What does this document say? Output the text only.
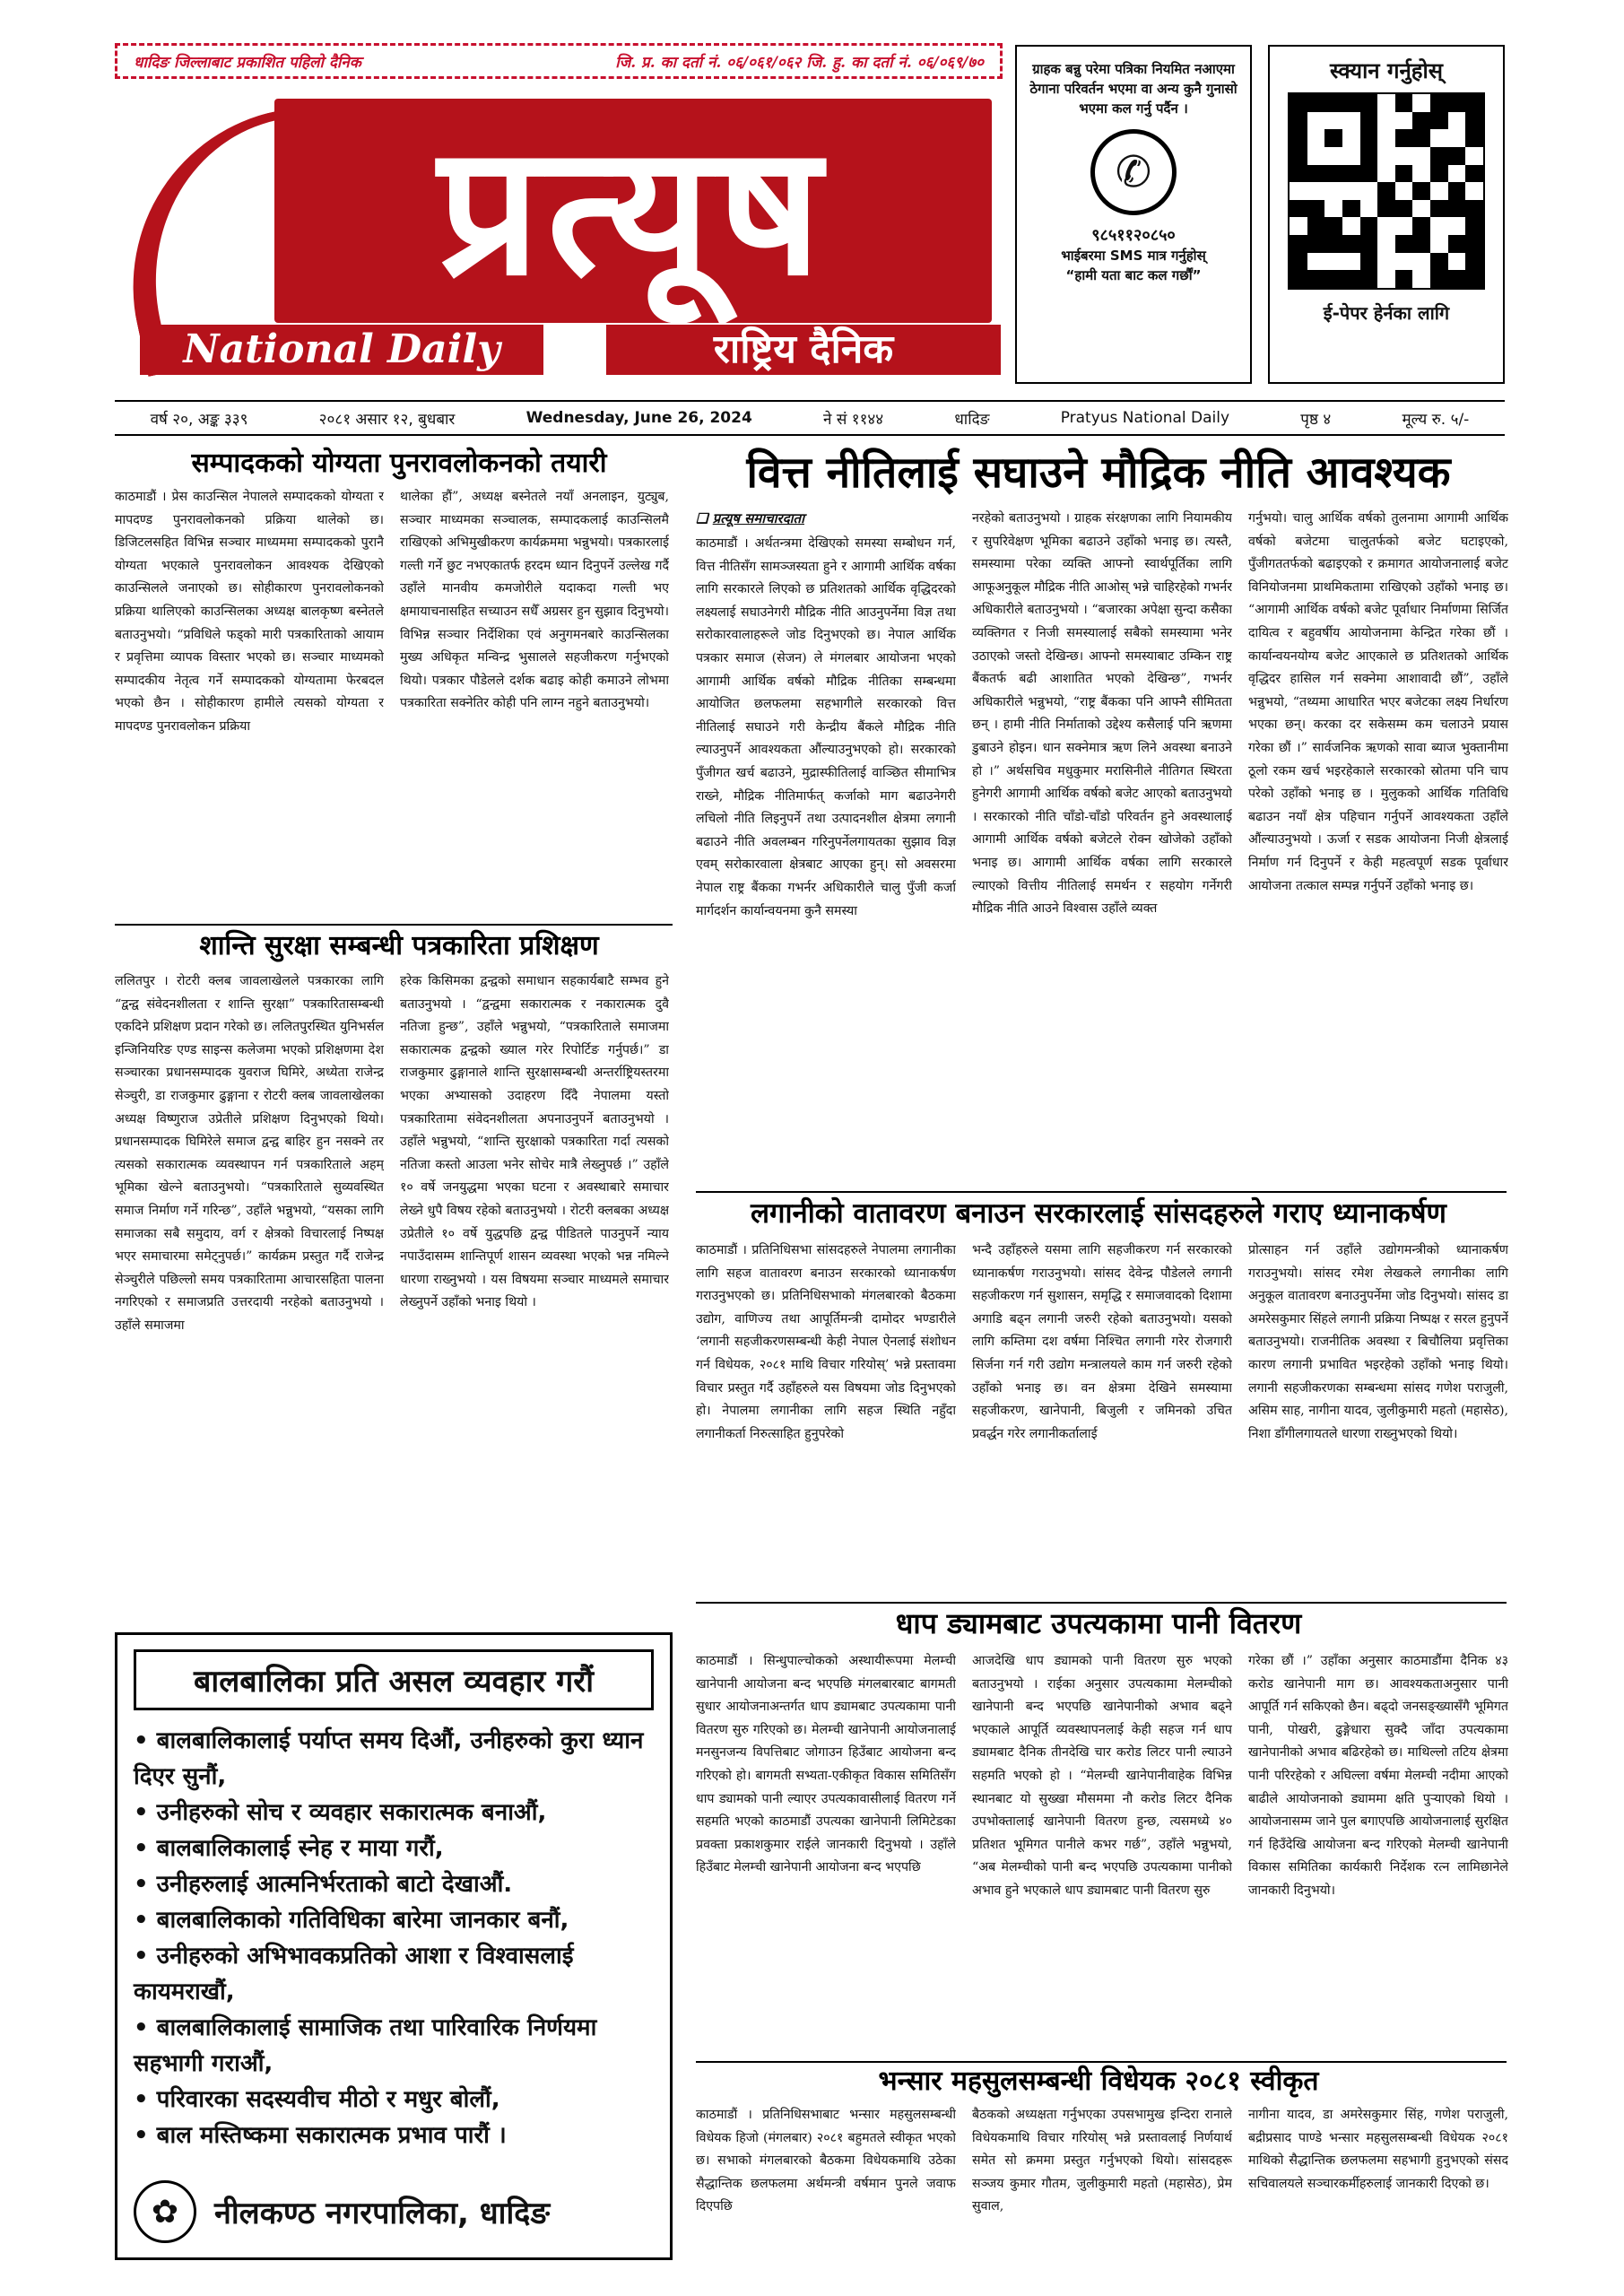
धादिङ जिल्लाबाट प्रकाशित पहिलो दैनिक	जि. प्र. का दर्ता नं. ०६/०६१/०६२ जि. हु. का दर्ता नं. ०६/०६९/७०
प्रत्यूष
National Daily	राष्ट्रिय दैनिक
ग्राहक बन्नु परेमा पत्रिका नियमित नआएमा ठेगाना परिवर्तन भएमा वा अन्य कुनै गुनासो भएमा कल गर्नु पर्दैन ।
✆
९८५११२०८५०
भाईबरमा SMS मात्र गर्नुहोस्
“हामी यता बाट कल गर्छौं”
स्क्यान गर्नुहोस्
ई-पेपर हेर्नका लागि
वर्ष २०, अङ्क ३३९	२०८१ असार १२, बुधबार	Wednesday, June 26, 2024	ने सं ११४४	धादिङ	Pratyus National Daily	पृष्ठ ४	मूल्य रु. ५/-
सम्पादकको योग्यता पुनरावलोकनको तयारी
काठमाडौं । प्रेस काउन्सिल नेपालले सम्पादकको योग्यता र मापदण्ड पुनरावलोकनको प्रक्रिया थालेको छ। डिजिटलसहित विभिन्न सञ्चार माध्यममा सम्पादकको पुरानै योग्यता भएकाले पुनरावलोकन आवश्यक देखिएको काउन्सिलले जनाएको छ। सोहीकारण पुनरावलोकनको प्रक्रिया थालिएको काउन्सिलका अध्यक्ष बालकृष्ण बस्नेतले बताउनुभयो। “प्रविधिले फड्को मारी पत्रकारिताको आयाम र प्रवृत्तिमा व्यापक विस्तार भएको छ। सञ्चार माध्यमको सम्पादकीय नेतृत्व गर्ने सम्पादकको योग्यतामा फेरबदल भएको छैन । सोहीकारण हामीले त्यसको योग्यता र मापदण्ड पुनरावलोकन प्रक्रिया
थालेका हौं”, अध्यक्ष बस्नेतले नयाँ अनलाइन, युट्युब, सञ्चार माध्यमका सञ्चालक, सम्पादकलाई काउन्सिलमै राखिएको अभिमुखीकरण कार्यक्रममा भन्नुभयो। पत्रकारलाई गल्ती गर्ने छुट नभएकातर्फ हरदम ध्यान दिनुपर्ने उल्लेख गर्दै उहाँले मानवीय कमजोरीले यदाकदा गल्ती भए क्षमायाचनासहित सच्याउन सधैँ अग्रसर हुन सुझाव दिनुभयो। विभिन्न सञ्चार निर्देशिका एवं अनुगमनबारे काउन्सिलका मुख्य अधिकृत मन्विन्द्र भुसालले सहजीकरण गर्नुभएको थियो। पत्रकार पौडेलले दर्शक बढाइ कोही कमाउने लोभमा पत्रकारिता सक्नेतिर कोही पनि लाग्न नहुने बताउनुभयो।
शान्ति सुरक्षा सम्बन्धी पत्रकारिता प्रशिक्षण
ललितपुर । रोटरी क्लब जावलाखेलले पत्रकारका लागि “द्वन्द्व संवेदनशीलता र शान्ति सुरक्षा” पत्रकारितासम्बन्धी एकदिने प्रशिक्षण प्रदान गरेको छ। ललितपुरस्थित युनिभर्सल इन्जिनियरिङ एण्ड साइन्स कलेजमा भएको प्रशिक्षणमा देश सञ्चारका प्रधानसम्पादक युवराज घिमिरे, अध्येता राजेन्द्र सेञ्चुरी, डा राजकुमार ढुङ्गाना र रोटरी क्लब जावलाखेलका अध्यक्ष विष्णुराज उप्रेतीले प्रशिक्षण दिनुभएको थियो। प्रधानसम्पादक घिमिरेले समाज द्वन्द्व बाहिर हुन नसक्ने तर त्यसको सकारात्मक व्यवस्थापन गर्न पत्रकारिताले अहम् भूमिका खेल्ने बताउनुभयो। “पत्रकारिताले सुव्यवस्थित समाज निर्माण गर्ने गरिन्छ”, उहाँले भन्नुभयो, “यसका लागि समाजका सबै समुदाय, वर्ग र क्षेत्रको विचारलाई निष्पक्ष भएर समाचारमा समेट्नुपर्छ।” कार्यक्रम प्रस्तुत गर्दै राजेन्द्र सेञ्चुरीले पछिल्लो समय पत्रकारितामा आचारसहिता पालना नगरिएको र समाजप्रति उत्तरदायी नरहेको बताउनुभयो । उहाँले समाजमा
हरेक किसिमका द्वन्द्वको समाधान सहकार्यबाटै सम्भव हुने बताउनुभयो । “द्वन्द्वमा सकारात्मक र नकारात्मक दुवै नतिजा हुन्छ”, उहाँले भन्नुभयो, “पत्रकारिताले समाजमा सकारात्मक द्वन्द्वको ख्याल गरेर रिपोर्टिङ गर्नुपर्छ।” डा राजकुमार ढुङ्गानाले शान्ति सुरक्षासम्बन्धी अन्तर्राष्ट्रियस्तरमा भएका अभ्यासको उदाहरण दिँदै नेपालमा यस्तो पत्रकारितामा संवेदनशीलता अपनाउनुपर्ने बताउनुभयो । उहाँले भन्नुभयो, “शान्ति सुरक्षाको पत्रकारिता गर्दा त्यसको नतिजा कस्तो आउला भनेर सोचेर मात्रै लेख्नुपर्छ ।” उहाँले १० वर्षे जनयुद्धमा भएका घटना र अवस्थाबारे समाचार लेख्ने धुपै विषय रहेको बताउनुभयो । रोटरी क्लबका अध्यक्ष उप्रेतीले १० वर्षे युद्धपछि द्वन्द्व पीडितले पाउनुपर्ने न्याय नपाउँदासम्म शान्तिपूर्ण शासन व्यवस्था भएको भन्न नमिल्ने धारणा राख्नुभयो । यस विषयमा सञ्चार माध्यमले समाचार लेख्नुपर्ने उहाँको भनाइ थियो ।
बालबालिका प्रति असल व्यवहार गरौं
• बालबालिकालाई पर्याप्त समय दिऔं, उनीहरुको कुरा ध्यान दिएर सुनौं,
• उनीहरुको सोच र व्यवहार सकारात्मक बनाऔं,
• बालबालिकालाई स्नेह र माया गरौं,
• उनीहरुलाई आत्मनिर्भरताको बाटो देखाऔं.
• बालबालिकाको गतिविधिका बारेमा जानकार बनौं,
• उनीहरुको अभिभावकप्रतिको आशा र विश्वासलाई कायमराखौं,
• बालबालिकालाई सामाजिक तथा पारिवारिक निर्णयमा सहभागी गराऔं,
• परिवारका सदस्यवीच मीठो र मधुर बोलौं,
• बाल मस्तिष्कमा सकारात्मक प्रभाव पारौं ।
✿	नीलकण्ठ नगरपालिका, धादिङ
वित्त नीतिलाई सघाउने मौद्रिक नीति आवश्यक
❑ प्रत्यूष समाचारदाता
काठमाडौं । अर्थतन्त्रमा देखिएको समस्या सम्बोधन गर्न, वित्त नीतिसँग सामञ्जस्यता हुने र आगामी आर्थिक वर्षका लागि सरकारले लिएको छ प्रतिशतको आर्थिक वृद्धिदरको लक्ष्यलाई सघाउनेगरी मौद्रिक नीति आउनुपर्नेमा विज्ञ तथा सरोकारवालाहरूले जोड दिनुभएको छ। नेपाल आर्थिक पत्रकार समाज (सेजन) ले मंगलबार आयोजना भएको आगामी आर्थिक वर्षको मौद्रिक नीतिका सम्बन्धमा आयोजित छलफलमा सहभागीले सरकारको वित्त नीतिलाई सघाउने गरी केन्द्रीय बैंकले मौद्रिक नीति ल्याउनुपर्ने आवश्यकता औंल्याउनुभएको हो। सरकारको पुँजीगत खर्च बढाउने, मुद्रास्फीतिलाई वाञ्छित सीमाभित्र राख्ने, मौद्रिक नीतिमार्फत् कर्जाको माग बढाउनेगरी लचिलो नीति लिइनुपर्ने तथा उत्पादनशील क्षेत्रमा लगानी बढाउने नीति अवलम्बन गरिनुपर्नेलगायतका सुझाव विज्ञ एवम् सरोकारवाला क्षेत्रबाट आएका हुन्। सो अवसरमा नेपाल राष्ट्र बैंकका गभर्नर अधिकारीले चालु पुँजी कर्जा मार्गदर्शन कार्यान्वयनमा कुनै समस्या
नरहेको बताउनुभयो । ग्राहक संरक्षणका लागि नियामकीय र सुपरिवेक्षण भूमिका बढाउने उहाँको भनाइ छ। त्यस्तै, समस्यामा परेका व्यक्ति आफ्नो स्वार्थपूर्तिका लागि आफूअनुकूल मौद्रिक नीति आओस् भन्ने चाहिरहेको गभर्नर अधिकारीले बताउनुभयो । “बजारका अपेक्षा सुन्दा कसैका व्यक्तिगत र निजी समस्यालाई सबैको समस्यामा भनेर उठाएको जस्तो देखिन्छ। आफ्नो समस्याबाट उम्किन राष्ट्र बैंकतर्फ बढी आशातित भएको देखिन्छ”, गभर्नर अधिकारीले भन्नुभयो, “राष्ट्र बैंकका पनि आफ्नै सीमितता छन् । हामी नीति निर्माताको उद्देश्य कसैलाई पनि ऋणमा डुबाउने होइन। धान सक्नेमात्र ऋण लिने अवस्था बनाउने हो ।” अर्थसचिव मधुकुमार मरासिनीले नीतिगत स्थिरता हुनेगरी आगामी आर्थिक वर्षको बजेट आएको बताउनुभयो । सरकारको नीति चाँडो-चाँडो परिवर्तन हुने अवस्थालाई आगामी आर्थिक वर्षको बजेटले रोक्न खोजेको उहाँको भनाइ छ। आगामी आर्थिक वर्षका लागि सरकारले ल्याएको वित्तीय नीतिलाई समर्थन र सहयोग गर्नेगरी मौद्रिक नीति आउने विश्वास उहाँले व्यक्त
गर्नुभयो। चालु आर्थिक वर्षको तुलनामा आगामी आर्थिक वर्षको बजेटमा चालुतर्फको बजेट घटाइएको, पुँजीगततर्फको बढाइएको र क्रमागत आयोजनालाई बजेट विनियोजनमा प्राथमिकतामा राखिएको उहाँको भनाइ छ। “आगामी आर्थिक वर्षको बजेट पूर्वाधार निर्माणमा सिर्जित दायित्व र बहुवर्षीय आयोजनामा केन्द्रित गरेका छौं । कार्यान्वयनयोग्य बजेट आएकाले छ प्रतिशतको आर्थिक वृद्धिदर हासिल गर्न सक्नेमा आशावादी छौं”, उहाँले भन्नुभयो, “तथ्यमा आधारित भएर बजेटका लक्ष्य निर्धारण भएका छन्। करका दर सकेसम्म कम चलाउने प्रयास गरेका छौं ।” सार्वजनिक ऋणको सावा ब्याज भुक्तानीमा ठूलो रकम खर्च भइरहेकाले सरकारको स्रोतमा पनि चाप परेको उहाँको भनाइ छ । मुलुकको आर्थिक गतिविधि बढाउन नयाँ क्षेत्र पहिचान गर्नुपर्ने आवश्यकता उहाँले औंल्याउनुभयो । ऊर्जा र सडक आयोजना निजी क्षेत्रलाई निर्माण गर्न दिनुपर्ने र केही महत्वपूर्ण सडक पूर्वाधार आयोजना तत्काल सम्पन्न गर्नुपर्ने उहाँको भनाइ छ।
लगानीको वातावरण बनाउन सरकारलाई सांसदहरुले गराए ध्यानाकर्षण
काठमाडौं । प्रतिनिधिसभा सांसदहरुले नेपालमा लगानीका लागि सहज वातावरण बनाउन सरकारको ध्यानाकर्षण गराउनुभएको छ। प्रतिनिधिसभाको मंगलबारको बैठकमा उद्योग, वाणिज्य तथा आपूर्तिमन्त्री दामोदर भण्डारीले ‘लगानी सहजीकरणसम्बन्धी केही नेपाल ऐनलाई संशोधन गर्न विधेयक, २०८१ माथि विचार गरियोस्’ भन्ने प्रस्तावमा विचार प्रस्तुत गर्दै उहाँहरुले यस विषयमा जोड दिनुभएको हो। नेपालमा लगानीका लागि सहज स्थिति नहुँदा लगानीकर्ता निरुत्साहित हुनुपरेको
भन्दै उहाँहरुले यसमा लागि सहजीकरण गर्न सरकारको ध्यानाकर्षण गराउनुभयो। सांसद देवेन्द्र पौडेलले लगानी सहजीकरण गर्न सुशासन, समृद्धि र समाजवादको दिशामा अगाडि बढ्न लगानी जरुरी रहेको बताउनुभयो। यसको लागि कम्तिमा दश वर्षमा निश्चित लगानी गरेर रोजगारी सिर्जना गर्न गरी उद्योग मन्त्रालयले काम गर्न जरुरी रहेको उहाँको भनाइ छ। वन क्षेत्रमा देखिने समस्यामा सहजीकरण, खानेपानी, बिजुली र जमिनको उचित प्रवर्द्धन गरेर लगानीकर्तालाई
प्रोत्साहन गर्न उहाँले उद्योगमन्त्रीको ध्यानाकर्षण गराउनुभयो। सांसद रमेश लेखकले लगानीका लागि अनुकूल वातावरण बनाउनुपर्नेमा जोड दिनुभयो। सांसद डा अमरेसकुमार सिंहले लगानी प्रक्रिया निष्पक्ष र सरल हुनुपर्ने बताउनुभयो। राजनीतिक अवस्था र बिचौलिया प्रवृत्तिका कारण लगानी प्रभावित भइरहेको उहाँको भनाइ थियो। लगानी सहजीकरणका सम्बन्धमा सांसद गणेश पराजुली, असिम साह, नागीना यादव, जुलीकुमारी महतो (महासेठ), निशा डाँगीलगायतले धारणा राख्नुभएको थियो।
धाप ड्यामबाट उपत्यकामा पानी वितरण
काठमाडौं । सिन्धुपाल्चोकको अस्थायीरूपमा मेलम्ची खानेपानी आयोजना बन्द भएपछि मंगलबारबाट बागमती सुधार आयोजनाअन्तर्गत धाप ड्यामबाट उपत्यकामा पानी वितरण सुरु गरिएको छ। मेलम्ची खानेपानी आयोजनालाई मनसुनजन्य विपत्तिबाट जोगाउन हिउँबाट आयोजना बन्द गरिएको हो। बागमती सभ्यता-एकीकृत विकास समितिसँग धाप ड्यामको पानी ल्याएर उपत्यकावासीलाई वितरण गर्ने सहमति भएको काठमाडौं उपत्यका खानेपानी लिमिटेडका प्रवक्ता प्रकाशकुमार राईले जानकारी दिनुभयो । उहाँले हिउँबाट मेलम्ची खानेपानी आयोजना बन्द भएपछि
आजदेखि धाप ड्यामको पानी वितरण सुरु भएको बताउनुभयो । राईका अनुसार उपत्यकामा मेलम्चीको खानेपानी बन्द भएपछि खानेपानीको अभाव बढ्ने भएकाले आपूर्ति व्यवस्थापनलाई केही सहज गर्न धाप ड्यामबाट दैनिक तीनदेखि चार करोड लिटर पानी ल्याउने सहमति भएको हो । “मेलम्ची खानेपानीवाहेक विभिन्न स्थानबाट यो सुख्खा मौसममा नौ करोड लिटर दैनिक उपभोक्तालाई खानेपानी वितरण हुन्छ, त्यसमध्ये ४० प्रतिशत भूमिगत पानीले कभर गर्छ”, उहाँले भन्नुभयो, “अब मेलम्चीको पानी बन्द भएपछि उपत्यकामा पानीको अभाव हुने भएकाले धाप ड्यामबाट पानी वितरण सुरु
गरेका छौं ।” उहाँका अनुसार काठमाडौंमा दैनिक ४३ करोड खानेपानी माग छ। आवश्यकताअनुसार पानी आपूर्ति गर्न सकिएको छैन। बढ्दो जनसङ्ख्यासँगै भूमिगत पानी, पोखरी, ढुङ्गेधारा सुक्दै जाँदा उपत्यकामा खानेपानीको अभाव बढिरहेको छ। माथिल्लो तटिय क्षेत्रमा पानी परिरहेको र अघिल्ला वर्षमा मेलम्ची नदीमा आएको बाढीले आयोजनाको ड्याममा क्षति पुर्‍याएको थियो । आयोजनासम्म जाने पुल बगाएपछि आयोजनालाई सुरक्षित गर्न हिउँदेखि आयोजना बन्द गरिएको मेलम्ची खानेपानी विकास समितिका कार्यकारी निर्देशक रत्न लामिछानेले जानकारी दिनुभयो।
भन्सार महसुलसम्बन्धी विधेयक २०८१ स्वीकृत
काठमाडौं । प्रतिनिधिसभाबाट भन्सार महसुलसम्बन्धी विधेयक हिजो (मंगलबार) २०८१ बहुमतले स्वीकृत भएको छ। सभाको मंगलबारको बैठकमा विधेयकमाथि उठेका सैद्धान्तिक छलफलमा अर्थमन्त्री वर्षमान पुनले जवाफ दिएपछि
बैठकको अध्यक्षता गर्नुभएका उपसभामुख इन्दिरा रानाले विधेयकमाथि विचार गरियोस् भन्ने प्रस्तावलाई निर्णयार्थ समेत सो क्रममा प्रस्तुत गर्नुभएको थियो। सांसदहरू सञ्जय कुमार गौतम, जुलीकुमारी महतो (महासेठ), प्रेम सुवाल,
नागीना यादव, डा अमरेसकुमार सिंह, गणेश पराजुली, बद्रीप्रसाद पाण्डे भन्सार महसुलसम्बन्धी विधेयक २०८१ माथिको सैद्धान्तिक छलफलमा सहभागी हुनुभएको संसद सचिवालयले सञ्चारकर्मीहरुलाई जानकारी दिएको छ।
